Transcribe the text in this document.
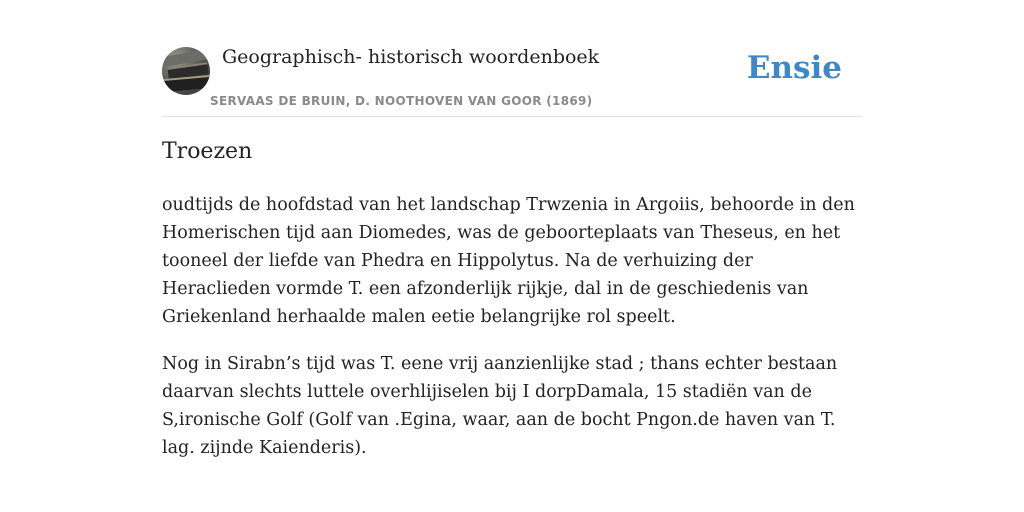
Geographisch- historisch woordenboek
SERVAAS DE BRUIN, D. NOOTHOVEN VAN GOOR (1869)
Ensie
Troezen

oudtijds de hoofdstad van het landschap Trwzenia in Argoiis, behoorde in den Homerischen tijd aan Diomedes, was de geboorteplaats van Theseus, en het tooneel der liefde van Phedra en Hippolytus. Na de verhuizing der Heraclieden vormde T. een afzonderlijk rijkje, dal in de geschiedenis van Griekenland herhaalde malen eetie belangrijke rol speelt.

Nog in Sirabn’s tijd was T. eene vrij aanzienlijke stad ; thans echter bestaan daarvan slechts luttele overhlijiselen bij I dorpDamala, 15 stadiën van de S,ironische Golf (Golf van .Egina, waar, aan de bocht Pngon.de haven van T. lag. zijnde Kaienderis).
